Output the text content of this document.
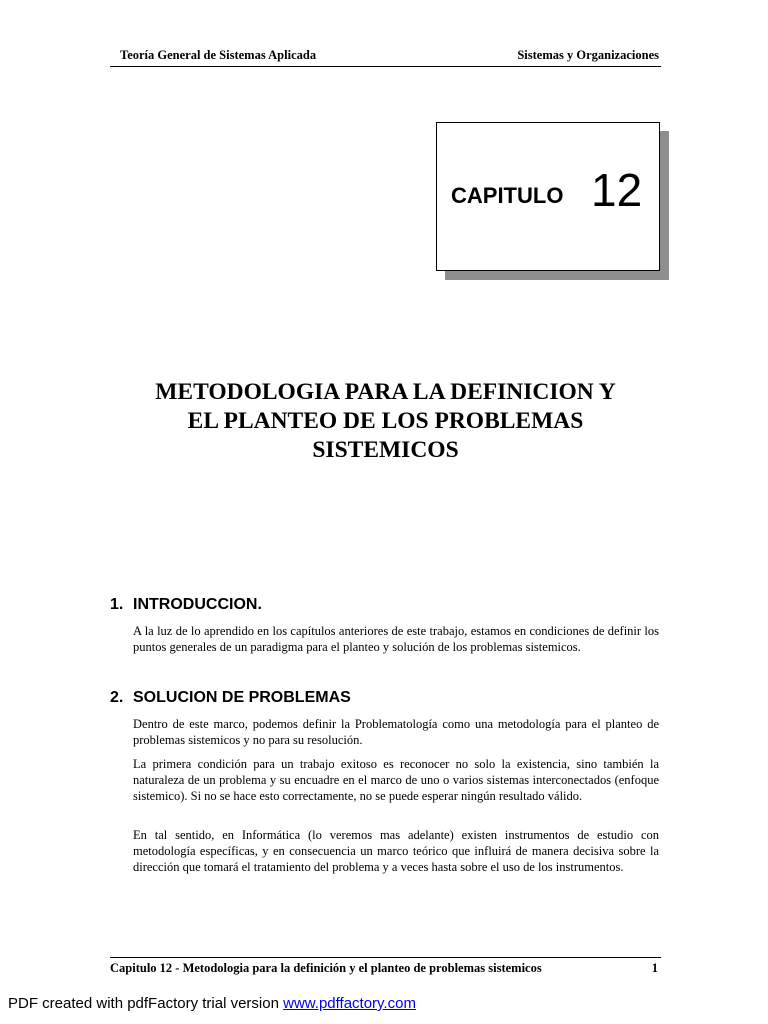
Teoría General de Sistemas Aplicada	Sistemas y Organizaciones
CAPITULO 12
METODOLOGIA PARA LA DEFINICION Y
EL PLANTEO DE LOS PROBLEMAS
SISTEMICOS
1. INTRODUCCION.

A la luz de lo aprendido en los capítulos anteriores de este trabajo, estamos en condiciones de definir los puntos generales de un paradigma para el planteo y solución de los problemas sistemicos.

2. SOLUCION DE PROBLEMAS

Dentro de este marco, podemos definir la Problematología como una metodología para el planteo de problemas sistemicos y no para su resolución.

La primera condición para un trabajo exitoso es reconocer no solo la existencia, sino también la naturaleza de un problema y su encuadre en el marco de uno o varios sistemas interconectados (enfoque sistemico). Si no se hace esto correctamente, no se puede esperar ningún resultado válido.

En tal sentido, en Informática (lo veremos mas adelante) existen instrumentos de estudio con metodología específicas, y en consecuencia un marco teórico que influirá de manera decisiva sobre la dirección que tomará el tratamiento del problema y a veces hasta sobre el uso de los instrumentos.

Capitulo 12 - Metodologia para la definición y el planteo de problemas sistemicos	1
PDF created with pdfFactory trial version www.pdffactory.com
